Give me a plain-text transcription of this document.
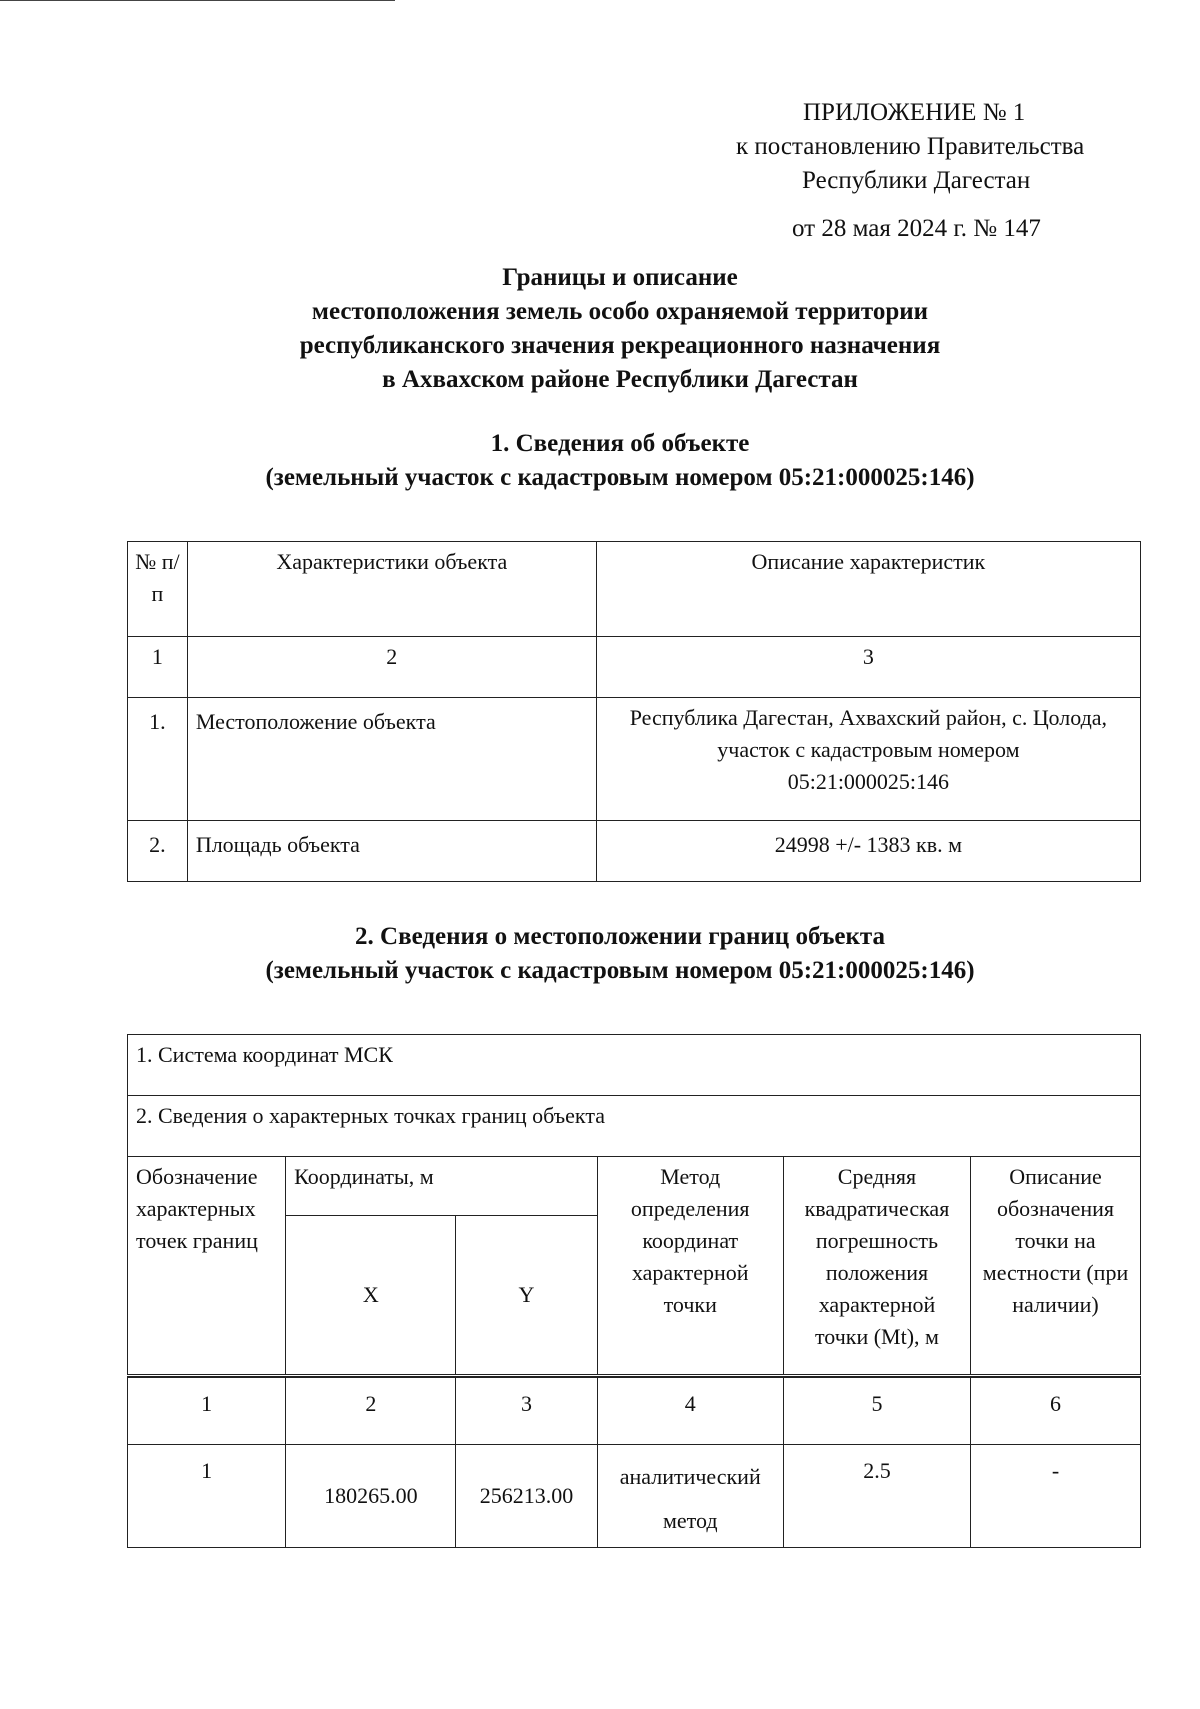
ПРИЛОЖЕНИЕ № 1
к постановлению Правительства
Республики Дагестан
от 28 мая 2024 г. № 147
Границы и описание
местоположения земель особо охраняемой территории
республиканского значения рекреационного назначения
в Ахвахском районе Республики Дагестан
1. Сведения об объекте
(земельный участок с кадастровым номером 05:21:000025:146)
№ п/п	Характеристики объекта	Описание характеристик
1	2	3
1.	Местоположение объекта	Республика Дагестан, Ахвахский район, с. Цолода,
участок с кадастровым номером
05:21:000025:146

2.	Площадь объекта	24998 +/- 1383 кв. м
2. Сведения о местоположении границ объекта
(земельный участок с кадастровым номером 05:21:000025:146)
1. Система координат МСК					
2. Сведения о характерных точках границ объекта					
Обозначение характерных точек границ	Координаты, м		Метод определения координат характерной точки	Средняя квадратическая погрешность положения характерной точки (Mt), м	Описание обозначения точки на местности (при наличии)
	X	Y			

1	2	3	4	5	6
1	180265.00	256213.00	аналитический метод	2.5	-
